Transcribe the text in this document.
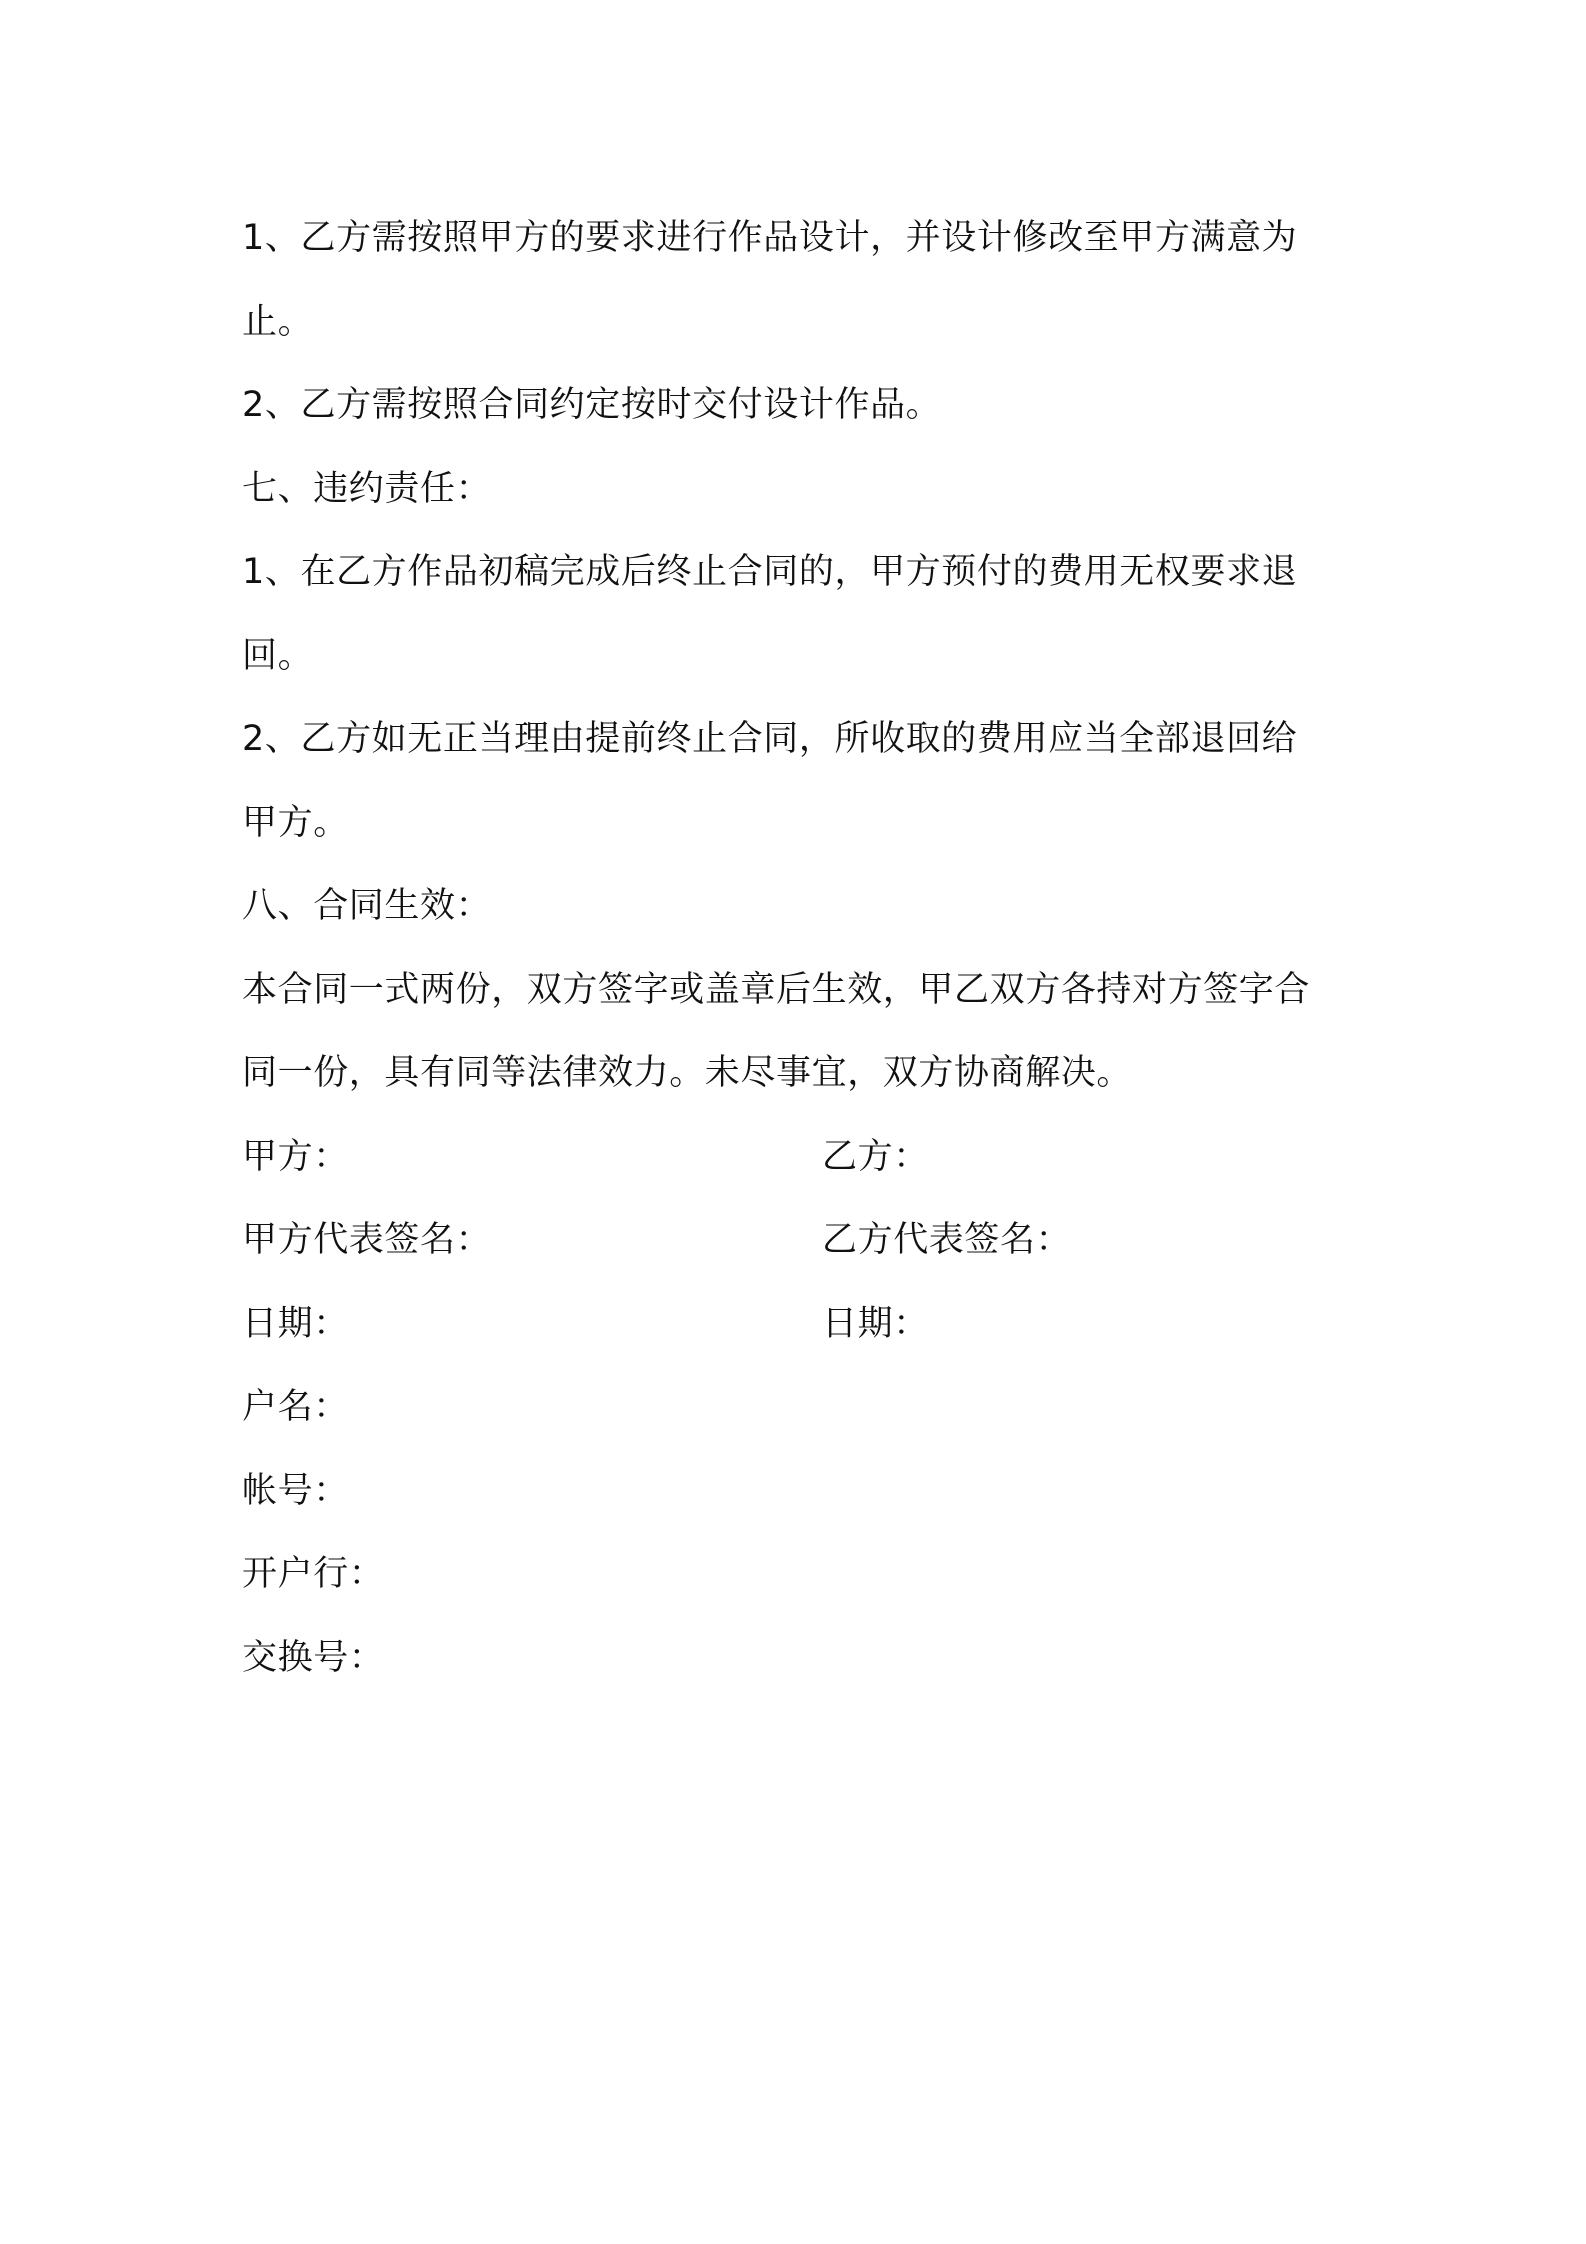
1、乙方需按照甲方的要求进行作品设计，并设计修改至甲方满意为
止。
2、乙方需按照合同约定按时交付设计作品。
七、违约责任：
1、在乙方作品初稿完成后终止合同的，甲方预付的费用无权要求退
回。
2、乙方如无正当理由提前终止合同，所收取的费用应当全部退回给
甲方。
八、合同生效：
本合同一式两份，双方签字或盖章后生效，甲乙双方各持对方签字合
同一份，具有同等法律效力。未尽事宜，双方协商解决。
甲方：	乙方：
甲方代表签名：	乙方代表签名：
日期：	日期：
户名：
帐号：
开户行：
交换号：
